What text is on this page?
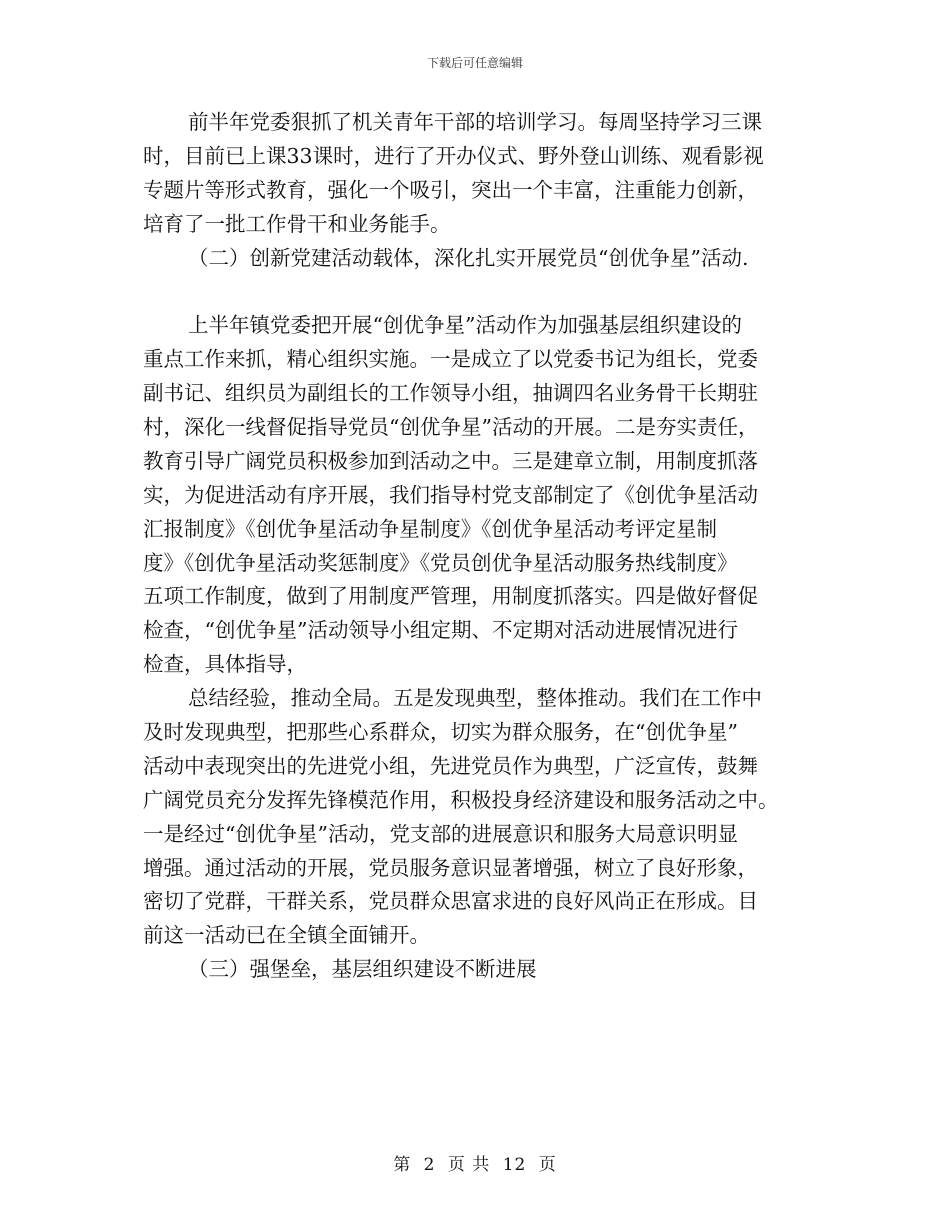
下载后可任意编辑
前半年党委狠抓了机关青年干部的培训学习。每周坚持学习三课
时，目前已上课33课时，进行了开办仪式、野外登山训练、观看影视
专题片等形式教育，强化一个吸引，突出一个丰富，注重能力创新，
培育了一批工作骨干和业务能手。
（二）创新党建活动载体，深化扎实开展党员“创优争星”活动.
上半年镇党委把开展“创优争星”活动作为加强基层组织建设的
重点工作来抓，精心组织实施。一是成立了以党委书记为组长，党委
副书记、组织员为副组长的工作领导小组，抽调四名业务骨干长期驻
村，深化一线督促指导党员“创优争星”活动的开展。二是夯实责任，
教育引导广阔党员积极参加到活动之中。三是建章立制，用制度抓落
实，为促进活动有序开展，我们指导村党支部制定了《创优争星活动
汇报制度》《创优争星活动争星制度》《创优争星活动考评定星制
度》《创优争星活动奖惩制度》《党员创优争星活动服务热线制度》
五项工作制度，做到了用制度严管理，用制度抓落实。四是做好督促
检查，“创优争星”活动领导小组定期、不定期对活动进展情况进行
检查，具体指导，
总结经验，推动全局。五是发现典型，整体推动。我们在工作中
及时发现典型，把那些心系群众，切实为群众服务，在“创优争星”
活动中表现突出的先进党小组，先进党员作为典型，广泛宣传，鼓舞
广阔党员充分发挥先锋模范作用，积极投身经济建设和服务活动之中。
一是经过“创优争星”活动，党支部的进展意识和服务大局意识明显
增强。通过活动的开展，党员服务意识显著增强，树立了良好形象，
密切了党群，干群关系，党员群众思富求进的良好风尚正在形成。目
前这一活动已在全镇全面铺开。
（三）强堡垒，基层组织建设不断进展
第 2 页 共 12 页
